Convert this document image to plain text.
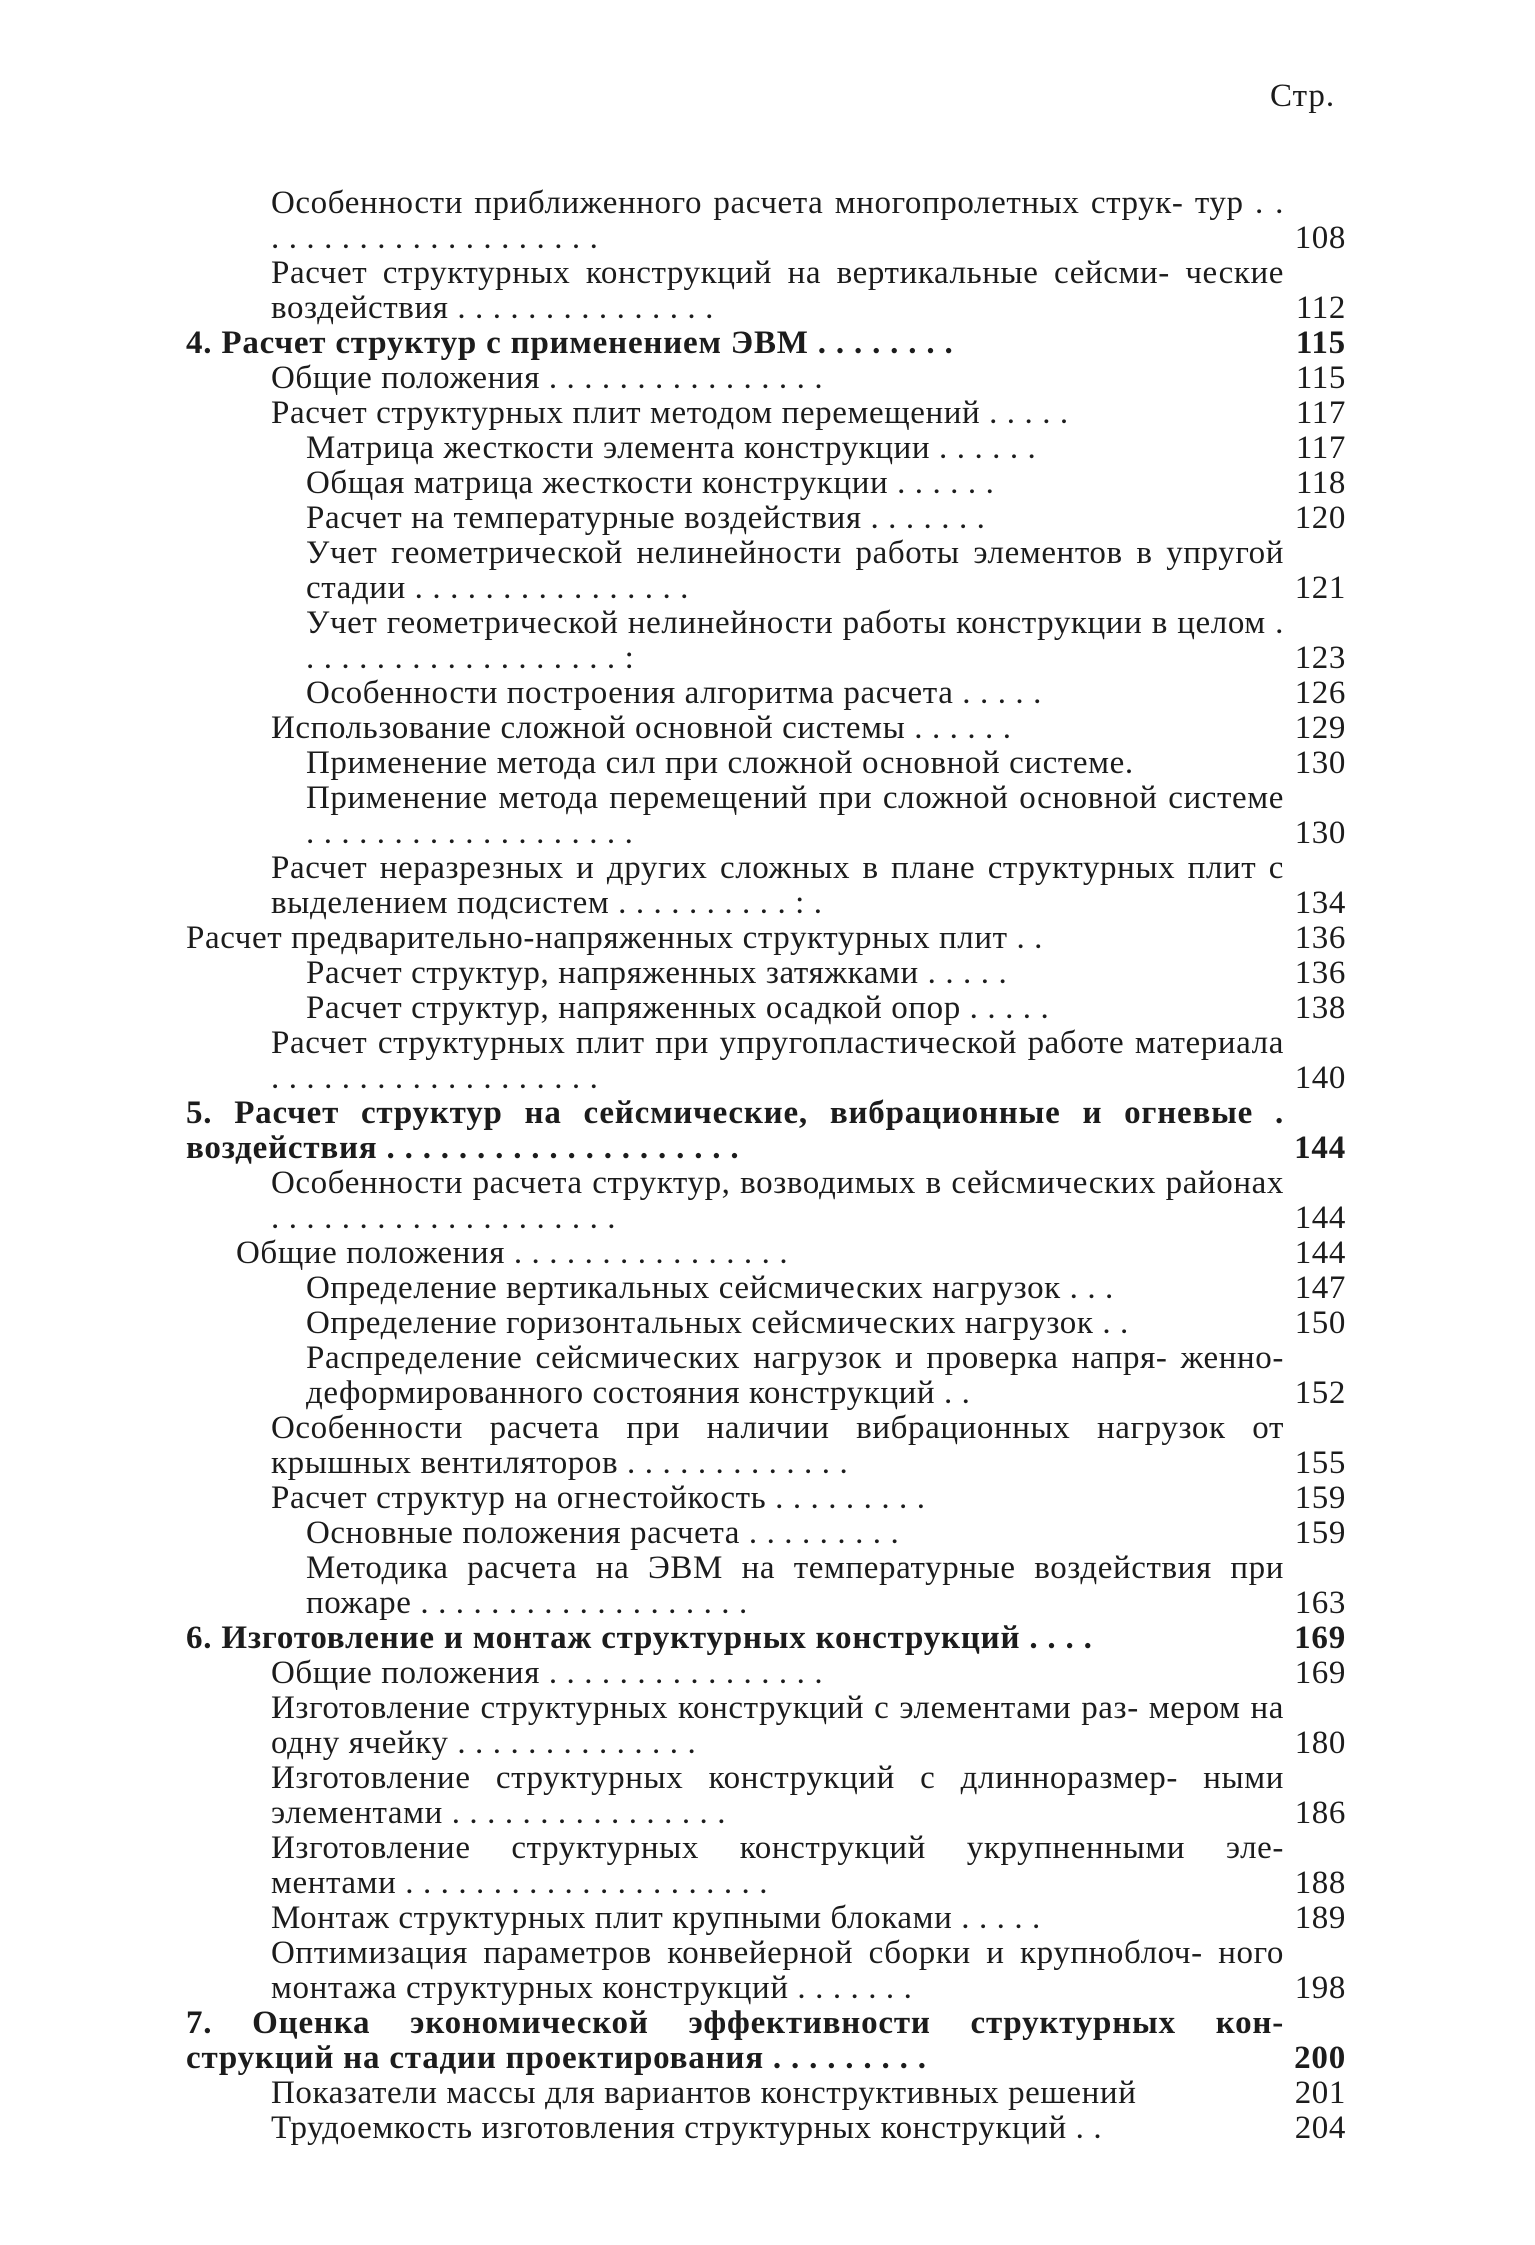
Стр.
Особенности приближенного расчета многопролетных струк- тур . . . . . . . . . . . . . . . . . . . . .	108
Расчет структурных конструкций на вертикальные сейсми- ческие воздействия . . . . . . . . . . . . . . .	112
4. Расчет структур с применением ЭВМ . . . . . . . .	115
Общие положения . . . . . . . . . . . . . . . .	115
Расчет структурных плит методом перемещений . . . . .	117
Матрица жесткости элемента конструкции . . . . . .	117
Общая матрица жесткости конструкции . . . . . .	118
Расчет на температурные воздействия . . . . . . .	120
Учет геометрической нелинейности работы элементов в упругой стадии . . . . . . . . . . . . . . . .	121
Учет геометрической нелинейности работы конструкции в целом . . . . . . . . . . . . . . . . . . . :	123
Особенности построения алгоритма расчета . . . . .	126
Использование сложной основной системы . . . . . .	129
Применение метода сил при сложной основной системе.	130
Применение метода перемещений при сложной основной системе . . . . . . . . . . . . . . . . . . .	130
Расчет неразрезных и других сложных в плане структурных плит с выделением подсистем . . . . . . . . . . : .	134
Расчет предварительно-напряженных структурных плит . .	136
Расчет структур, напряженных затяжками . . . . .	136
Расчет структур, напряженных осадкой опор . . . . .	138
Расчет структурных плит при упругопластической работе материала . . . . . . . . . . . . . . . . . . .	140
5. Расчет структур на сейсмические, вибрационные и огневые . воздействия . . . . . . . . . . . . . . . . . . . .	144
Особенности расчета структур, возводимых в сейсмических районах . . . . . . . . . . . . . . . . . . . .	144
Общие положения . . . . . . . . . . . . . . . .	144
Определение вертикальных сейсмических нагрузок . . .	147
Определение горизонтальных сейсмических нагрузок . .	150
Распределение сейсмических нагрузок и проверка напря- женно-деформированного состояния конструкций . .	152
Особенности расчета при наличии вибрационных нагрузок от крышных вентиляторов . . . . . . . . . . . . .	155
Расчет структур на огнестойкость . . . . . . . . .	159
Основные положения расчета . . . . . . . . .	159
Методика расчета на ЭВМ на температурные воздействия при пожаре . . . . . . . . . . . . . . . . . . .	163
6. Изготовление и монтаж структурных конструкций . . . .	169
Общие положения . . . . . . . . . . . . . . . .	169
Изготовление структурных конструкций с элементами раз- мером на одну ячейку . . . . . . . . . . . . . .	180
Изготовление структурных конструкций с длинноразмер- ными элементами . . . . . . . . . . . . . . . .	186
Изготовление структурных конструкций укрупненными эле- ментами . . . . . . . . . . . . . . . . . . . . .	188
Монтаж структурных плит крупными блоками . . . . .	189
Оптимизация параметров конвейерной сборки и крупноблоч- ного монтажа структурных конструкций . . . . . . .	198
7. Оценка экономической эффективности структурных кон- струкций на стадии проектирования . . . . . . . . .	200
Показатели массы для вариантов конструктивных решений	201
Трудоемкость изготовления структурных конструкций . .	204
